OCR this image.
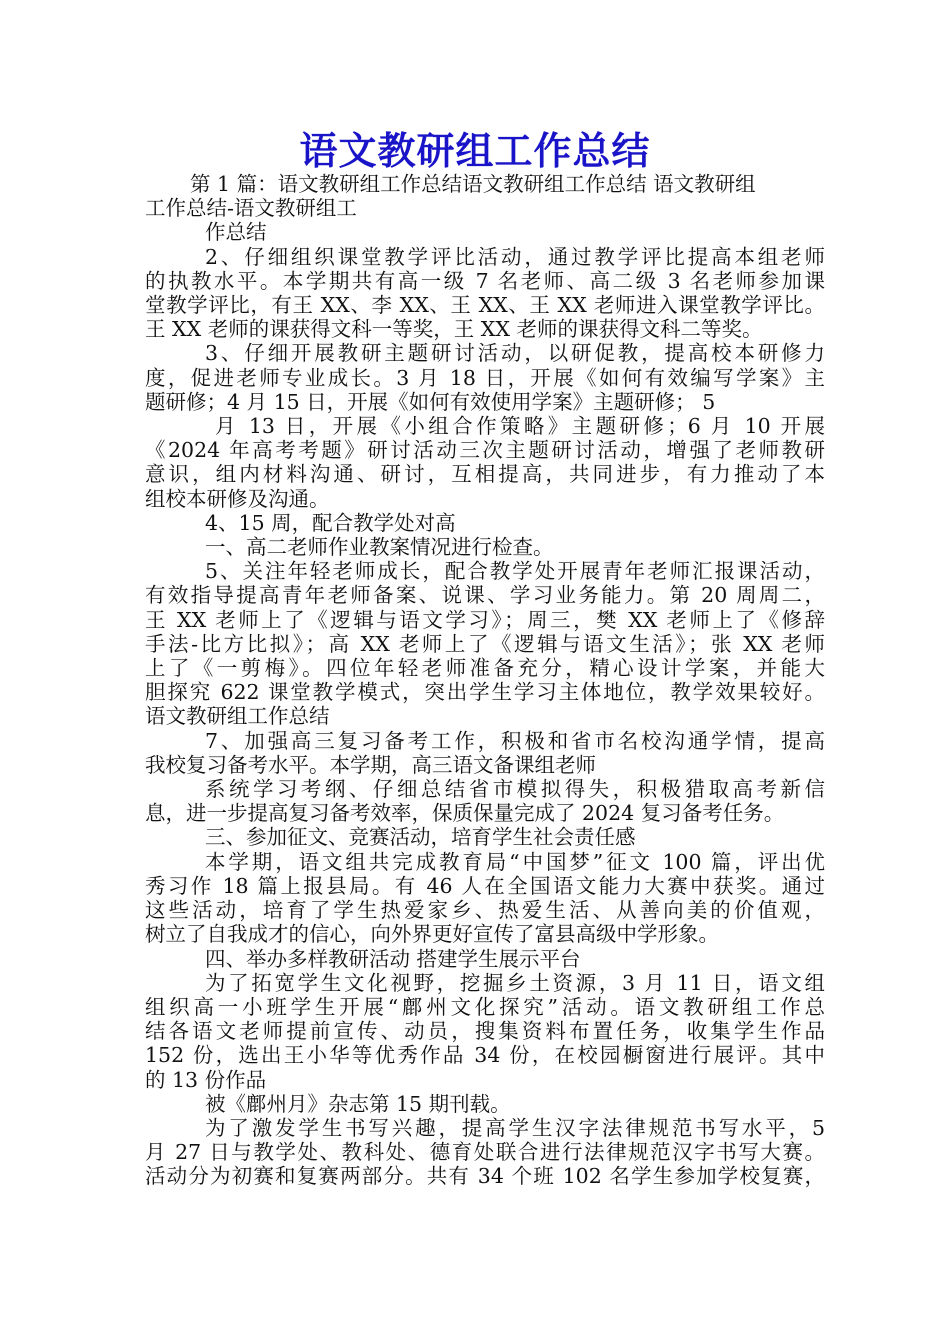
语文教研组工作总结
第 1 篇：语文教研组工作总结语文教研组工作总结 语文教研组
工作总结-语文教研组工
作总结
2、仔细组织课堂教学评比活动，通过教学评比提高本组老师
的执教水平。本学期共有高一级 7 名老师、高二级 3 名老师参加课
堂教学评比，有王 XX、李 XX、王 XX、王 XX 老师进入课堂教学评比。
王 XX 老师的课获得文科一等奖，王 XX 老师的课获得文科二等奖。
3、仔细开展教研主题研讨活动，以研促教，提高校本研修力
度，促进老师专业成长。3 月 18 日，开展《如何有效编写学案》主
题研修；4 月 15 日，开展《如何有效使用学案》主题研修； 5
月 13 日，开展《小组合作策略》主题研修；6 月 10 开展
《2024 年高考考题》研讨活动三次主题研讨活动，增强了老师教研
意识，组内材料沟通、研讨，互相提高，共同进步，有力推动了本
组校本研修及沟通。
4、15 周，配合教学处对高
一、高二老师作业教案情况进行检查。
5、关注年轻老师成长，配合教学处开展青年老师汇报课活动，
有效指导提高青年老师备案、说课、学习业务能力。第 20 周周二，
王 XX 老师上了《逻辑与语文学习》；周三，樊 XX 老师上了《修辞
手法-比方比拟》；高 XX 老师上了《逻辑与语文生活》；张 XX 老师
上了《一剪梅》。四位年轻老师准备充分，精心设计学案，并能大
胆探究 622 课堂教学模式，突出学生学习主体地位，教学效果较好。
语文教研组工作总结
7、加强高三复习备考工作，积极和省市名校沟通学情，提高
我校复习备考水平。本学期，高三语文备课组老师
系统学习考纲、仔细总结省市模拟得失，积极猎取高考新信
息，进一步提高复习备考效率，保质保量完成了 2024 复习备考任务。
三、参加征文、竞赛活动，培育学生社会责任感
本学期，语文组共完成教育局“中国梦”征文 100 篇，评出优
秀习作 18 篇上报县局。有 46 人在全国语文能力大赛中获奖。通过
这些活动，培育了学生热爱家乡、热爱生活、从善向美的价值观，
树立了自我成才的信心，向外界更好宣传了富县高级中学形象。
四、举办多样教研活动 搭建学生展示平台
为了拓宽学生文化视野，挖掘乡土资源，3 月 11 日，语文组
组织高一小班学生开展“鄜州文化探究”活动。语文教研组工作总
结各语文老师提前宣传、动员，搜集资料布置任务，收集学生作品
152 份，选出王小华等优秀作品 34 份，在校园橱窗进行展评。其中
的 13 份作品
被《鄜州月》杂志第 15 期刊载。
为了激发学生书写兴趣，提高学生汉字法律规范书写水平，5
月 27 日与教学处、教科处、德育处联合进行法律规范汉字书写大赛。
活动分为初赛和复赛两部分。共有 34 个班 102 名学生参加学校复赛，
